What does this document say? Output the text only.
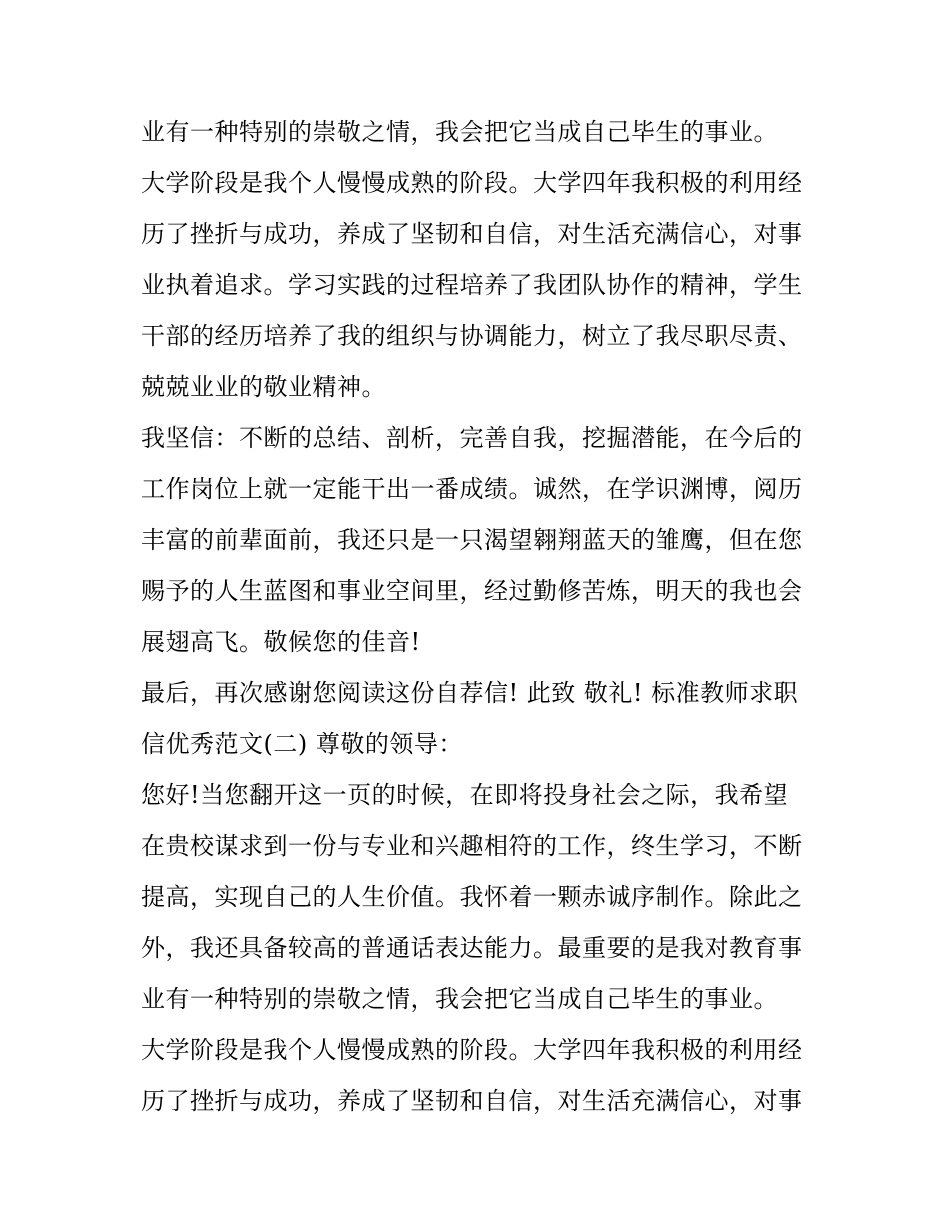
业有一种特别的崇敬之情，我会把它当成自己毕生的事业。
大学阶段是我个人慢慢成熟的阶段。大学四年我积极的利用经
历了挫折与成功，养成了坚韧和自信，对生活充满信心，对事
业执着追求。学习实践的过程培养了我团队协作的精神，学生
干部的经历培养了我的组织与协调能力，树立了我尽职尽责、
兢兢业业的敬业精神。
我坚信：不断的总结、剖析，完善自我，挖掘潜能，在今后的
工作岗位上就一定能干出一番成绩。诚然，在学识渊博，阅历
丰富的前辈面前，我还只是一只渴望翱翔蓝天的雏鹰，但在您
赐予的人生蓝图和事业空间里，经过勤修苦炼，明天的我也会
展翅高飞。敬候您的佳音!
最后，再次感谢您阅读这份自荐信! 此致 敬礼! 标准教师求职
信优秀范文(二) 尊敬的领导：
您好!当您翻开这一页的时候，在即将投身社会之际，我希望
在贵校谋求到一份与专业和兴趣相符的工作，终生学习，不断
提高，实现自己的人生价值。我怀着一颗赤诚序制作。除此之
外，我还具备较高的普通话表达能力。最重要的是我对教育事
业有一种特别的崇敬之情，我会把它当成自己毕生的事业。
大学阶段是我个人慢慢成熟的阶段。大学四年我积极的利用经
历了挫折与成功，养成了坚韧和自信，对生活充满信心，对事
